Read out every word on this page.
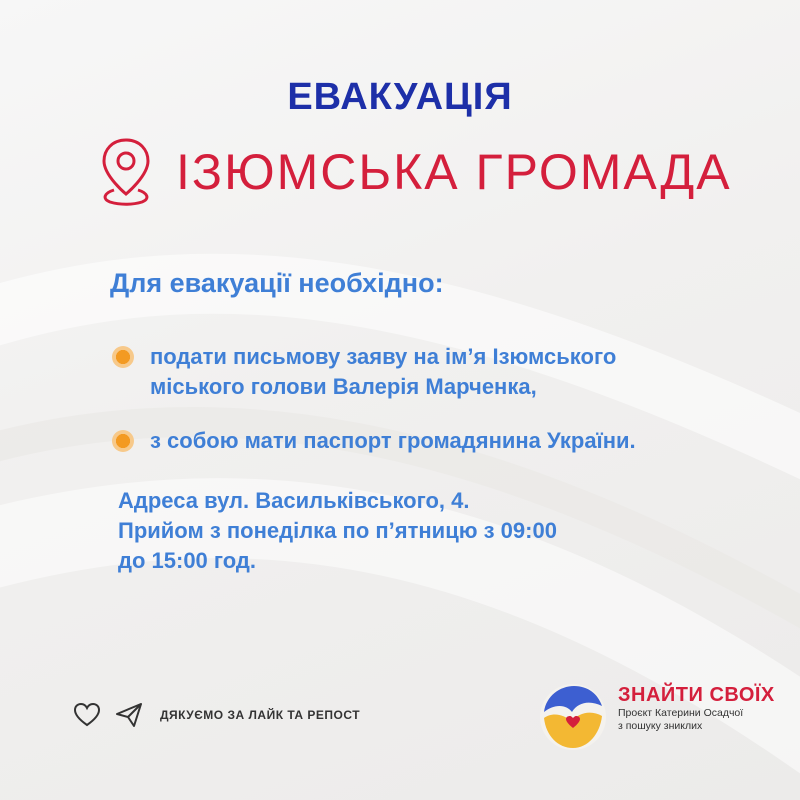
ЕВАКУАЦІЯ
ІЗЮМСЬКА ГРОМАДА
Для евакуації необхідно:
подати письмову заяву на ім’я Ізюмського
міського голови Валерія Марченка,
з собою мати паспорт громадянина України.
Адреса вул. Васильківського, 4.
Прийом з понеділка по п’ятницю з 09:00
до 15:00 год.
ДЯКУЄМО ЗА ЛАЙК ТА РЕПОСТ
ЗНАЙТИ СВОЇХ
Проєкт Катерини Осадчої
з пошуку зниклих
